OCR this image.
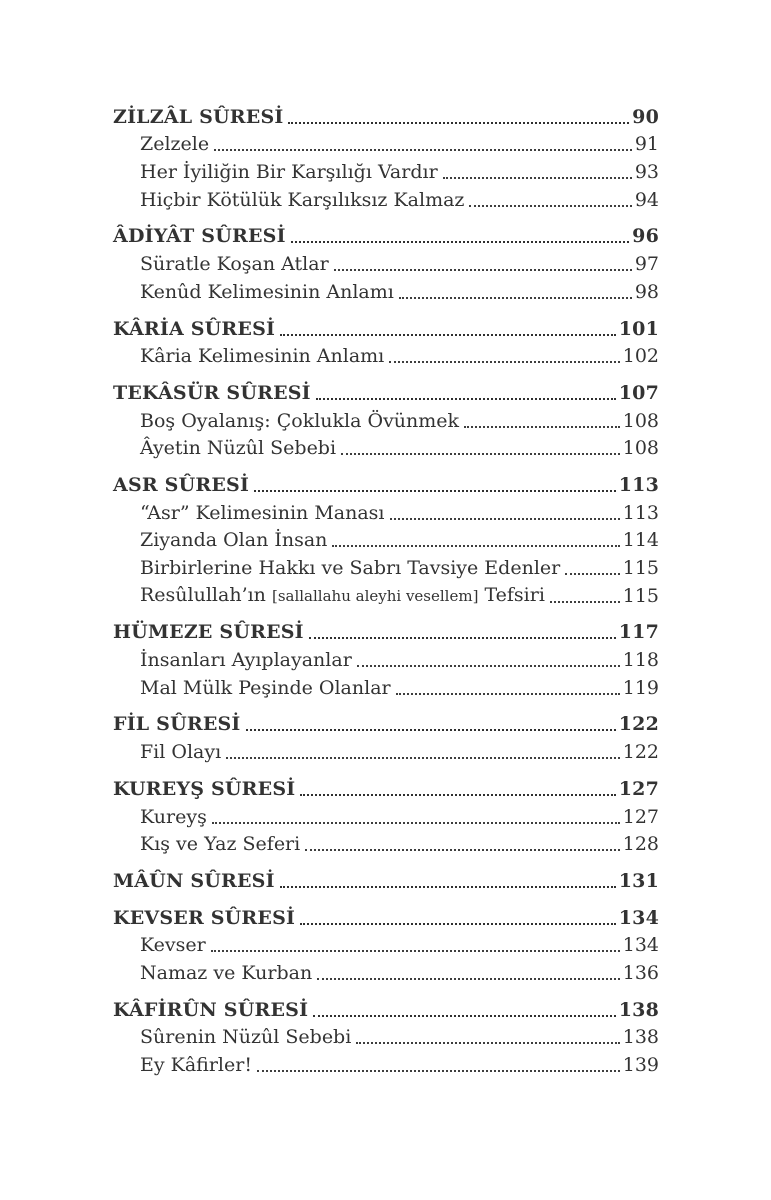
ZİLZÂL SÛRESİ	90
Zelzele	91
Her İyiliğin Bir Karşılığı Vardır	93
Hiçbir Kötülük Karşılıksız Kalmaz	94
ÂDİYÂT SÛRESİ	96
Süratle Koşan Atlar	97
Kenûd Kelimesinin Anlamı	98
KÂRİA SÛRESİ	101
Kâria Kelimesinin Anlamı	102
TEKÂSÜR SÛRESİ	107
Boş Oyalanış: Çoklukla Övünmek	108
Âyetin Nüzûl Sebebi	108
ASR SÛRESİ	113
“Asr” Kelimesinin Manası	113
Ziyanda Olan İnsan	114
Birbirlerine Hakkı ve Sabrı Tavsiye Edenler	115
Resûlullah’ın [sallallahu aleyhi vesellem] Tefsiri	115
HÜMEZE SÛRESİ	117
İnsanları Ayıplayanlar	118
Mal Mülk Peşinde Olanlar	119
FİL SÛRESİ	122
Fil Olayı	122
KUREYŞ SÛRESİ	127
Kureyş	127
Kış ve Yaz Seferi	128
MÂÛN SÛRESİ	131
KEVSER SÛRESİ	134
Kevser	134
Namaz ve Kurban	136
KÂFİRÛN SÛRESİ	138
Sûrenin Nüzûl Sebebi	138
Ey Kâfirler!	139
